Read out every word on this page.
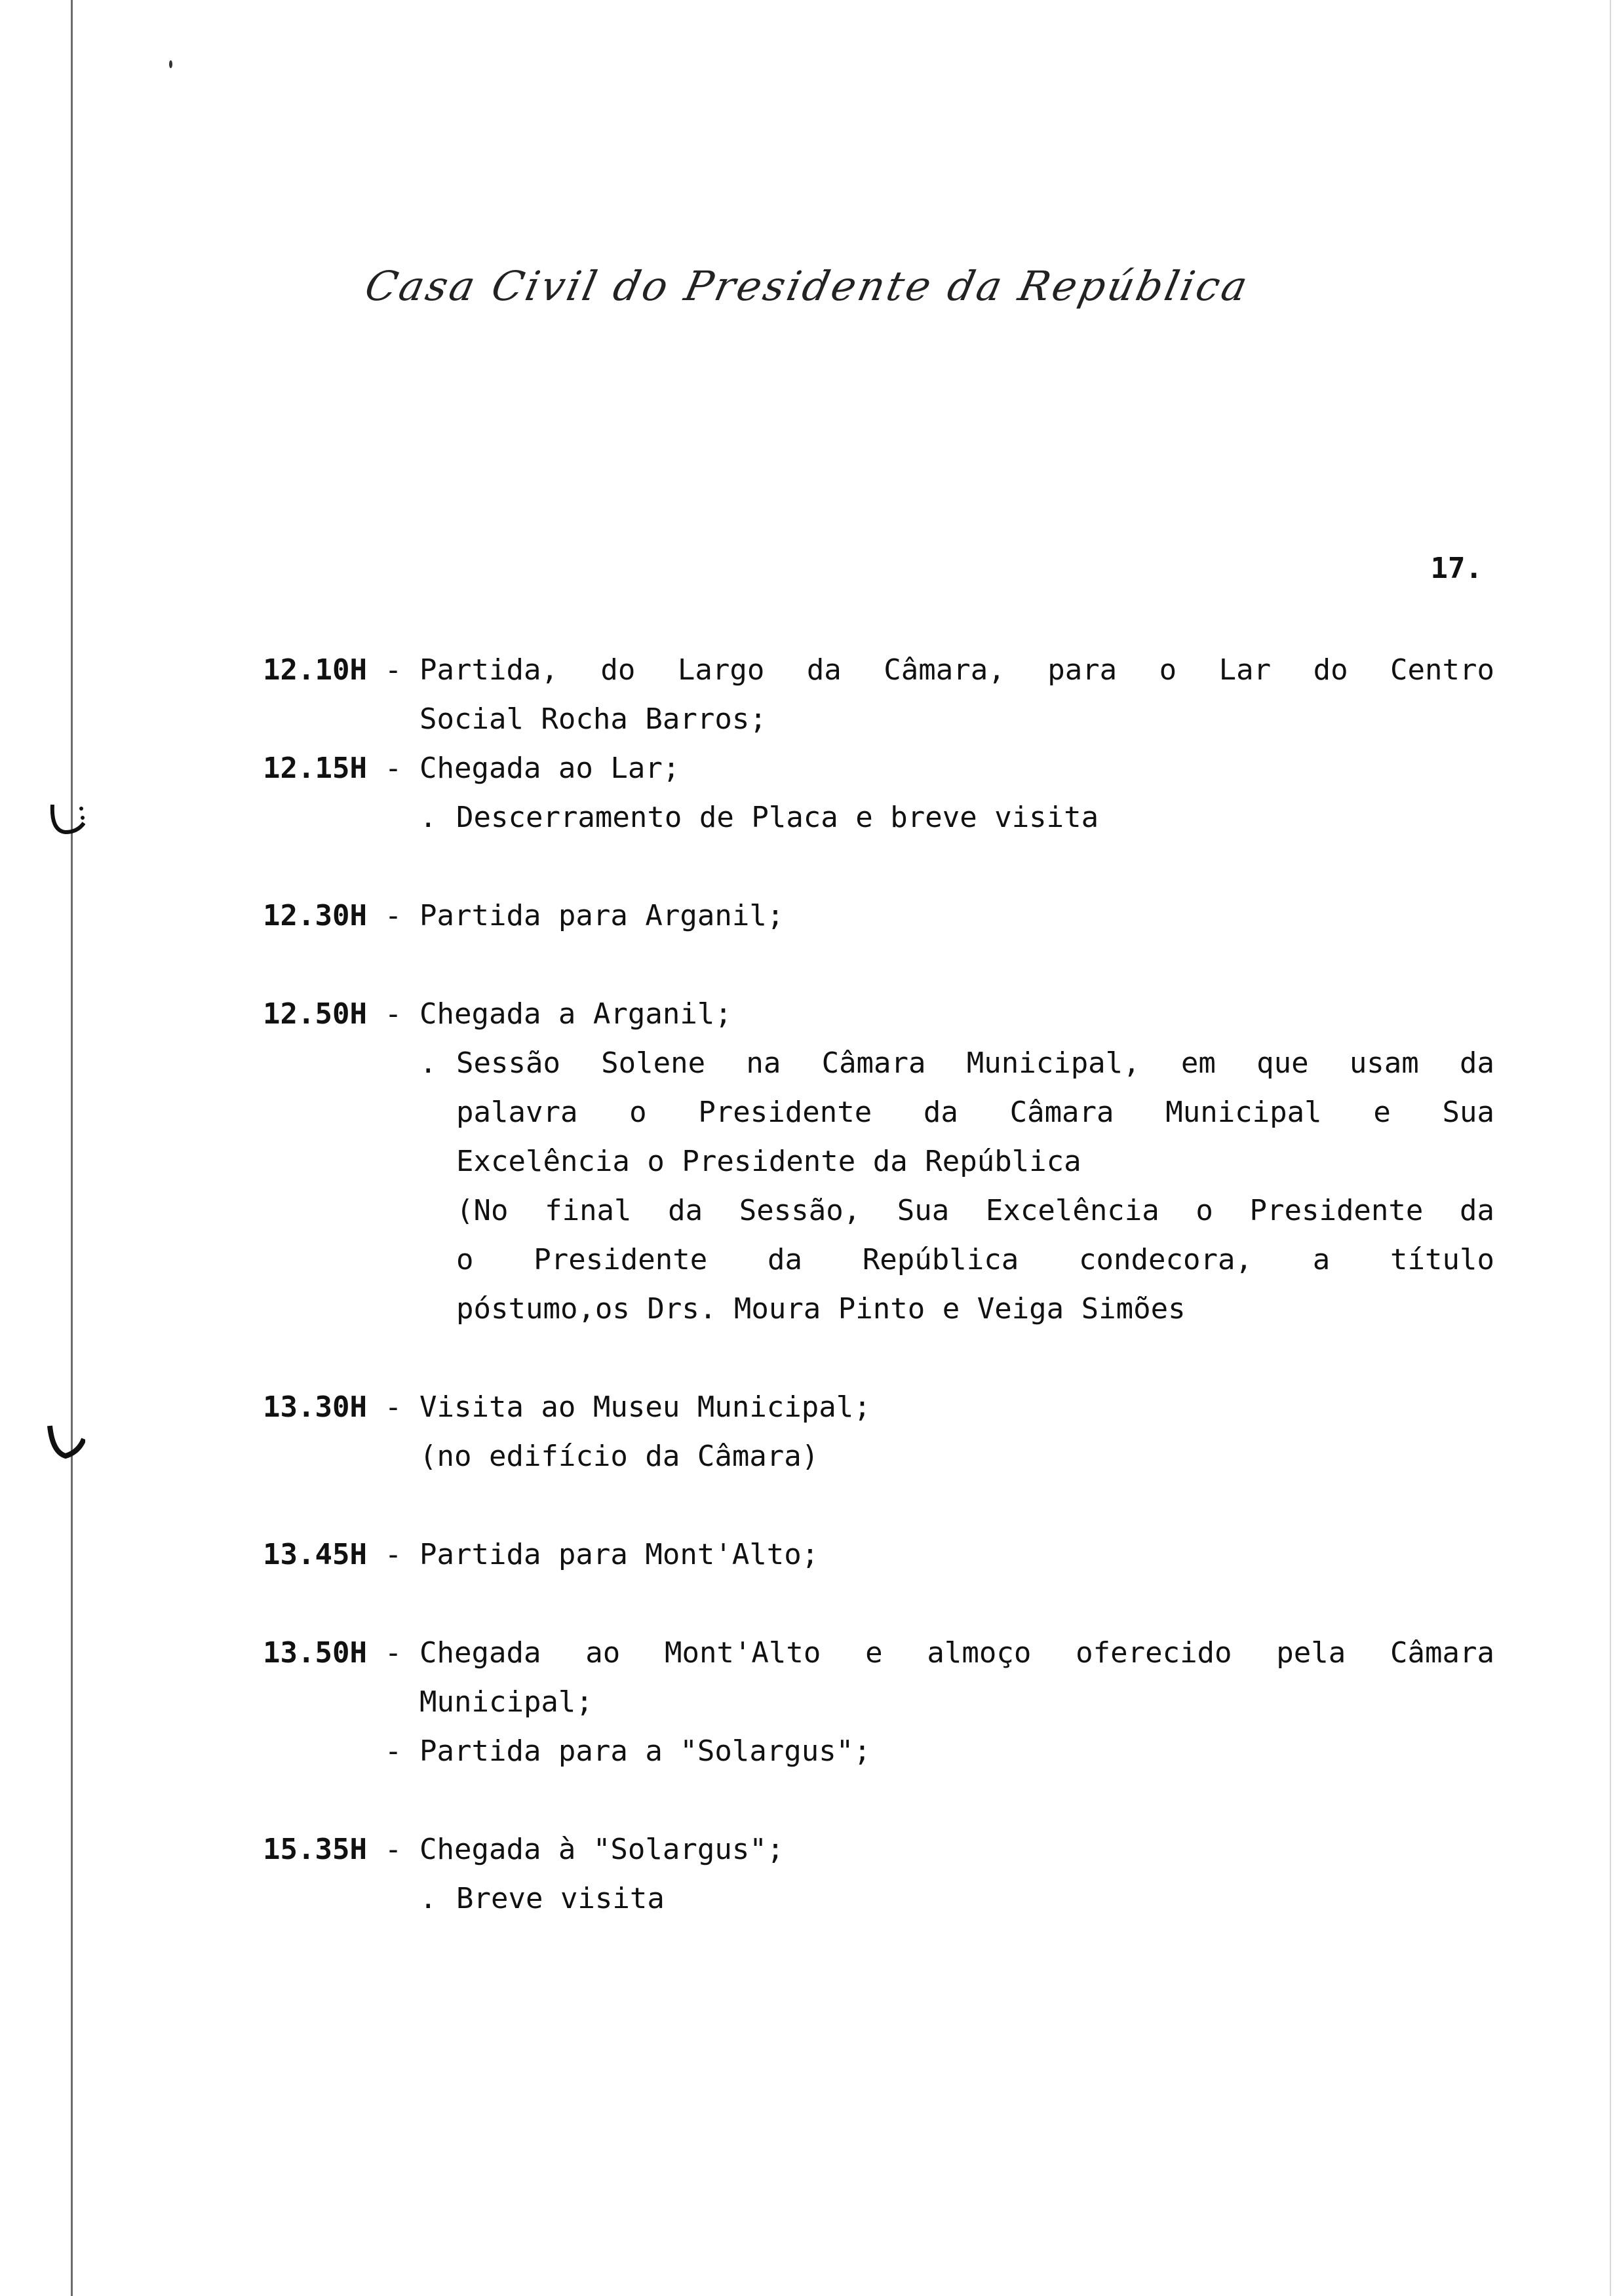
Casa Civil do Presidente da República
17.
12.10H - Partida, do Largo da Câmara, para o Lar do Centro
Social Rocha Barros;
12.15H - Chegada ao Lar;
. Descerramento de Placa e breve visita
12.30H - Partida para Arganil;
12.50H - Chegada a Arganil;
. Sessão Solene na Câmara Municipal, em que usam da
palavra o Presidente da Câmara Municipal e Sua
Excelência o Presidente da República
(No final da Sessão, Sua Excelência o Presidente da
o Presidente da República condecora, a título
póstumo,os Drs. Moura Pinto e Veiga Simões
13.30H - Visita ao Museu Municipal;
(no edifício da Câmara)
13.45H - Partida para Mont'Alto;
13.50H - Chegada ao Mont'Alto e almoço oferecido pela Câmara
Municipal;
- Partida para a "Solargus";
15.35H - Chegada à "Solargus";
. Breve visita
